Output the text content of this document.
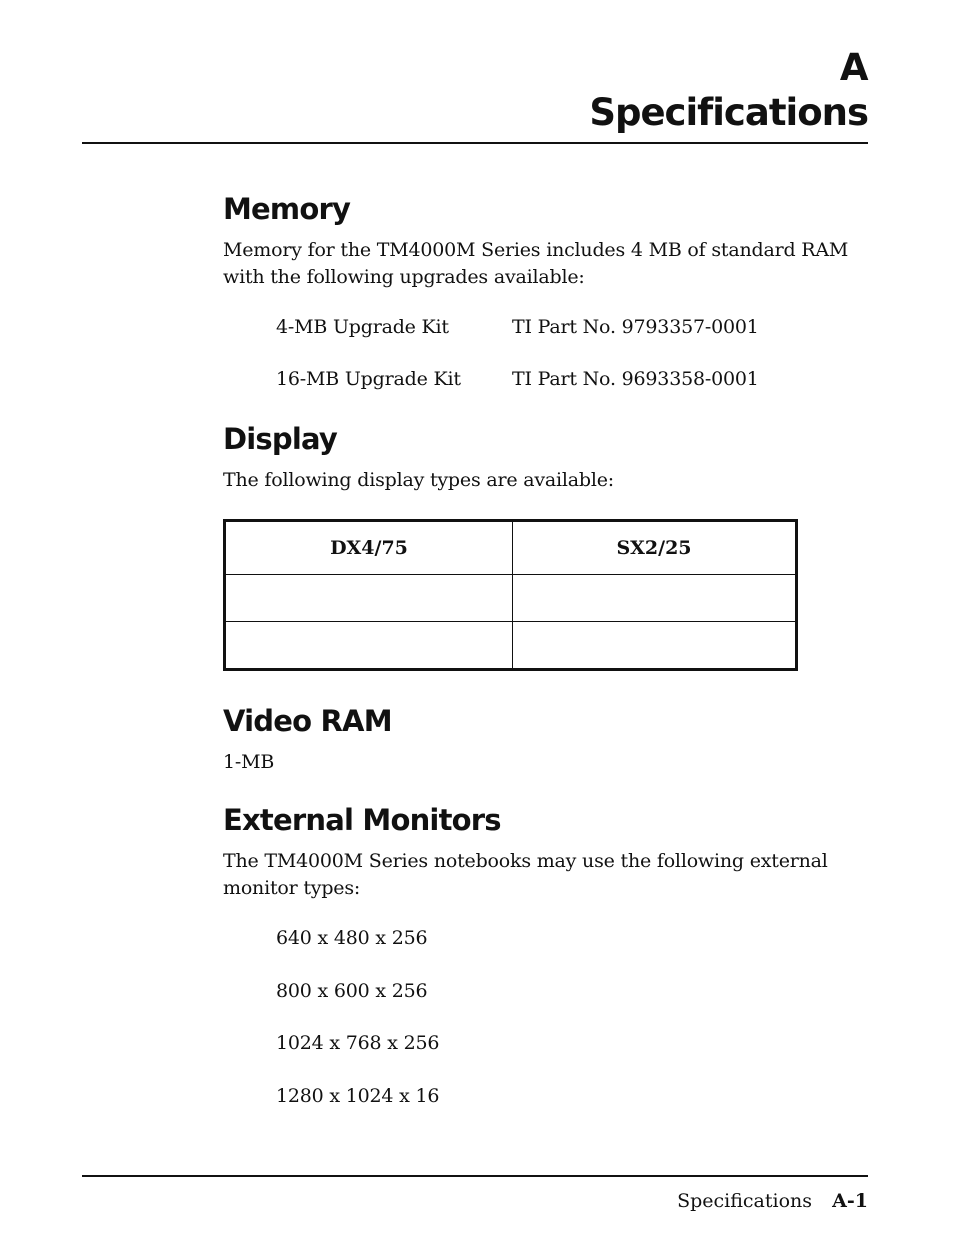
A
Specifications
Memory

Memory for the TM4000M Series includes 4 MB of standard RAM with the following upgrades available:

4-MB Upgrade Kit	TI Part No. 9793357-0001
16-MB Upgrade Kit	TI Part No. 9693358-0001
Display

The following display types are available:

DX4/75	SX2/25

Video RAM

1-MB

External Monitors

The TM4000M Series notebooks may use the following external monitor types:

640 x 480 x 256
800 x 600 x 256
1024 x 768 x 256
1280 x 1024 x 16
Specifications A-1
